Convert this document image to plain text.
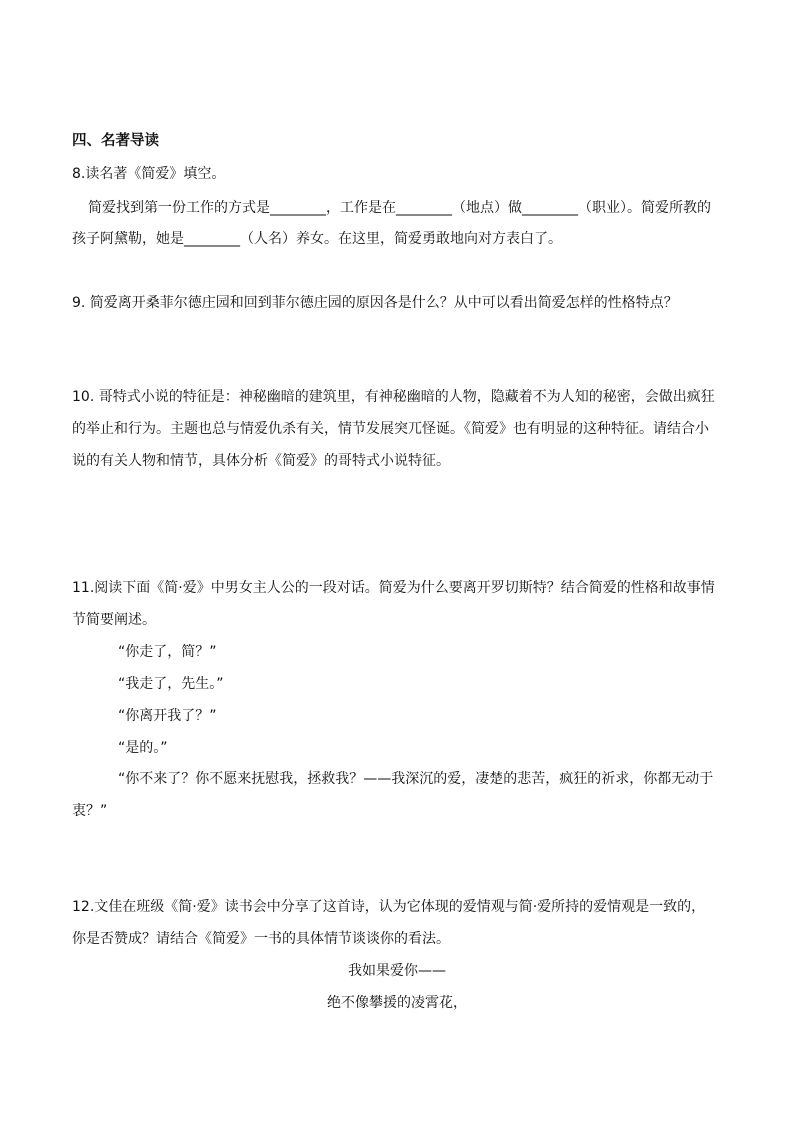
四、名著导读
8.读名著《简爱》填空。
简爱找到第一份工作的方式是________，工作是在________（地点）做________（职业）。简爱所教的
孩子阿黛勒，她是________（人名）养女。在这里，简爱勇敢地向对方表白了。
9. 简爱离开桑菲尔德庄园和回到菲尔德庄园的原因各是什么？从中可以看出简爱怎样的性格特点？
10. 哥特式小说的特征是：神秘幽暗的建筑里，有神秘幽暗的人物，隐藏着不为人知的秘密，会做出疯狂
的举止和行为。主题也总与情爱仇杀有关，情节发展突兀怪诞。《简爱》也有明显的这种特征。请结合小
说的有关人物和情节，具体分析《简爱》的哥特式小说特征。
11.阅读下面《简·爱》中男女主人公的一段对话。简爱为什么要离开罗切斯特？结合简爱的性格和故事情
节简要阐述。
“你走了，简？”
“我走了，先生。”
“你离开我了？”
“是的。”
“你不来了？你不愿来抚慰我，拯救我？——我深沉的爱，凄楚的悲苦，疯狂的祈求，你都无动于
衷？”
12.文佳在班级《简·爱》读书会中分享了这首诗，认为它体现的爱情观与简·爱所持的爱情观是一致的，
你是否赞成？请结合《简爱》一书的具体情节谈谈你的看法。
我如果爱你——
绝不像攀援的凌霄花，
